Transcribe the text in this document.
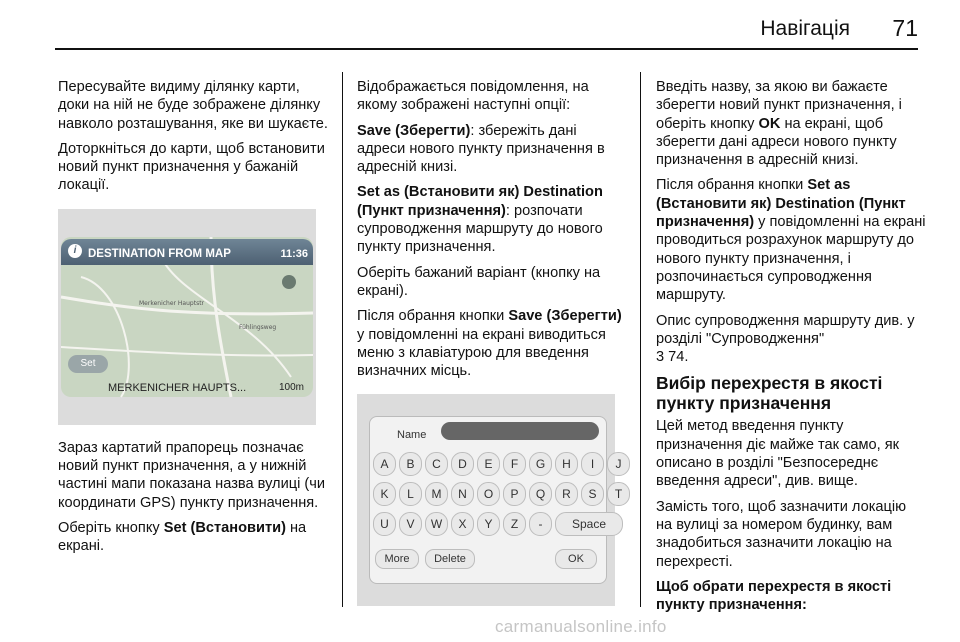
Навігація 71

Пересувайте видиму ділянку карти, доки на ній не буде зображене ділянку навколо розташування, яке ви шукаєте.

Доторкніться до карти, щоб встановити новий пункт призначення у бажаній локації.

Merkenicher Hauptstr
Fühlingsweg
i	DESTINATION FROM MAP	11:36
Set
MERKENICHER HAUPTS...	100m

Зараз картатий прапорець позначає новий пункт призначення, а у нижній частині мапи показана назва вулиці (чи координати GPS) пункту призначення.

Оберіть кнопку Set (Встановити) на екрані.

Відображається повідомлення, на якому зображені наступні опції:

Save (Зберегти): збережіть дані адреси нового пункту призначення в адресній книзі.

Set as (Встановити як) Destination (Пункт призначення): розпочати супроводження маршруту до нового пункту призначення.

Оберіть бажаний варіант (кнопку на екрані).

Після обрання кнопки Save (Зберегти) у повідомленні на екрані виводиться меню з клавіатурою для введення визначних місць.

Name
A	B	C	D	E	F	G	H	I	J
K	L	M	N	O	P	Q	R	S	T
U	V	W	X	Y	Z	-	Space
More	Delete	OK

Введіть назву, за якою ви бажаєте зберегти новий пункт призначення, і оберіть кнопку OK на екрані, щоб зберегти дані адреси нового пункту призначення в адресній книзі.

Після обрання кнопки Set as (Встановити як) Destination (Пункт призначення) у повідомленні на екрані проводиться розрахунок маршруту до нового пункту призначення, і розпочинається супроводження маршруту.

Опис супроводження маршруту див. у розділі "Супроводження"
3 74.

Вибір перехрестя в якості пункту призначення

Цей метод введення пункту призначення діє майже так само, як описано в розділі "Безпосереднє введення адреси", див. вище.

Замість того, щоб зазначити локацію на вулиці за номером будинку, вам знадобиться зазначити локацію на перехресті.

Щоб обрати перехрестя в якості пункту призначення:

carmanualsonline.info
